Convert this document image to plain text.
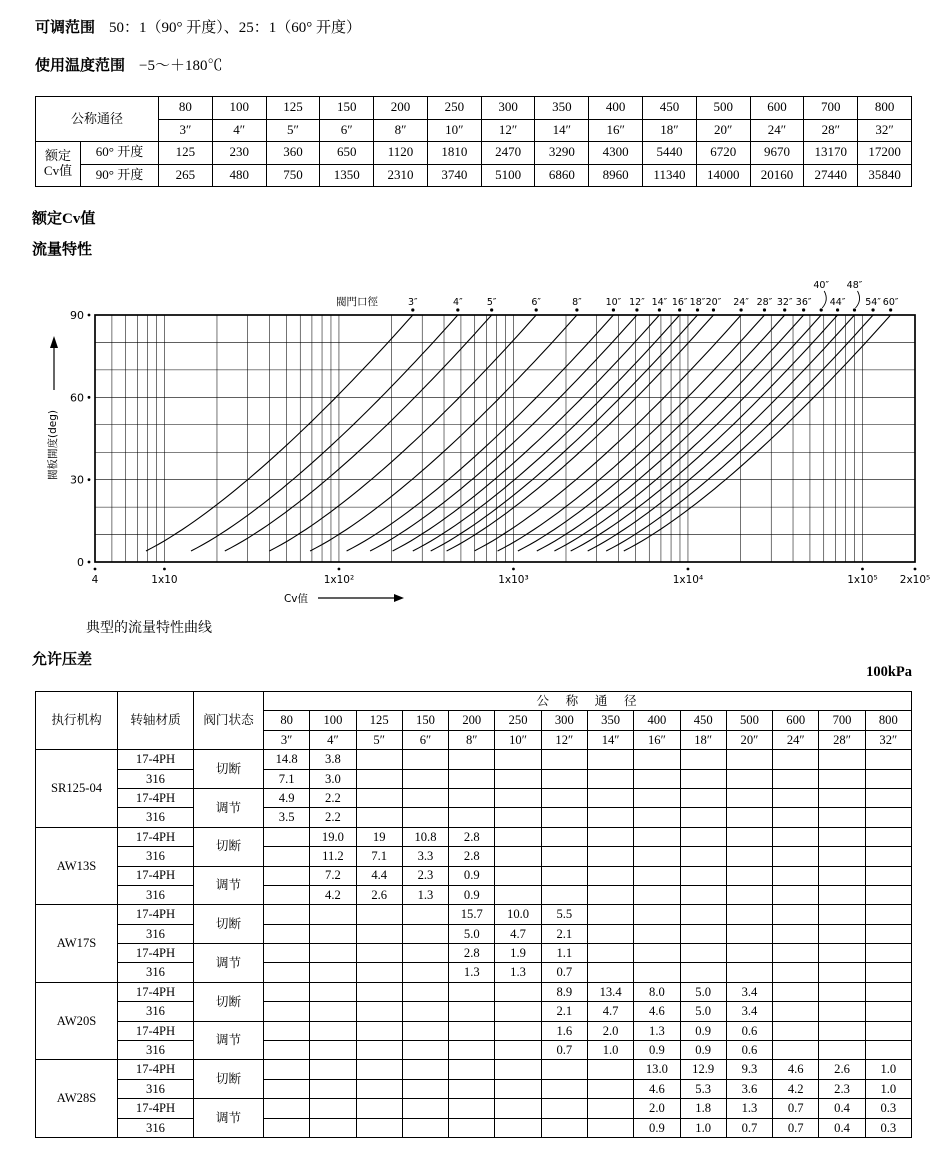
可调范围 50：1（90° 开度）、25：1（60° 开度）
使用温度范围 −5～＋180℃
公称通径		80	100	125	150	200	250	300	350	400	450	500	600	700	800
		3″	4″	5″	6″	8″	10″	12″	14″	16″	18″	20″	24″	28″	32″
额定
Cv值	60° 开度	125	230	360	650	1120	1810	2470	3290	4300	5440	6720	9670	13170	17200
	90° 开度	265	480	750	1350	2310	3740	5100	6860	8960	11340	14000	20160	27440	35840
额定Cv值
流量特性
3″	4″	5″	6″	8″	10″ 12″ 14″ 16″ 18″ 20″ 24″ 28″ 32″ 36″
40″
44″
48″
54″ 60″
閥門口徑
0
30
60
90
4	1x10	1x10²	1x10³	1x10⁴	1x10⁵ 2x10⁵
Cv值
閥板開度(deg)
典型的流量特性曲线
允许压差
100kPa
执行机构	转轴材质	阀门状态	公　称　通　径													
			80	100	125	150	200	250	300	350	400	450	500	600	700	800
			3″	4″	5″	6″	8″	10″	12″	14″	16″	18″	20″	24″	28″	32″
SR125-04	17-4PH	切断	14.8	3.8												
	316		7.1	3.0												
	17-4PH	调节	4.9	2.2												
	316		3.5	2.2												
AW13S	17-4PH	切断		19.0	19	10.8	2.8									
	316			11.2	7.1	3.3	2.8									
	17-4PH	调节		7.2	4.4	2.3	0.9									
	316			4.2	2.6	1.3	0.9									
AW17S	17-4PH	切断					15.7	10.0	5.5							
	316						5.0	4.7	2.1							
	17-4PH	调节					2.8	1.9	1.1							
	316						1.3	1.3	0.7							
AW20S	17-4PH	切断							8.9	13.4	8.0	5.0	3.4			
	316								2.1	4.7	4.6	5.0	3.4			
	17-4PH	调节							1.6	2.0	1.3	0.9	0.6			
	316								0.7	1.0	0.9	0.9	0.6			
AW28S	17-4PH	切断									13.0	12.9	9.3	4.6	2.6	1.0
	316										4.6	5.3	3.6	4.2	2.3	1.0
	17-4PH	调节									2.0	1.8	1.3	0.7	0.4	0.3
	316										0.9	1.0	0.7	0.7	0.4	0.3
